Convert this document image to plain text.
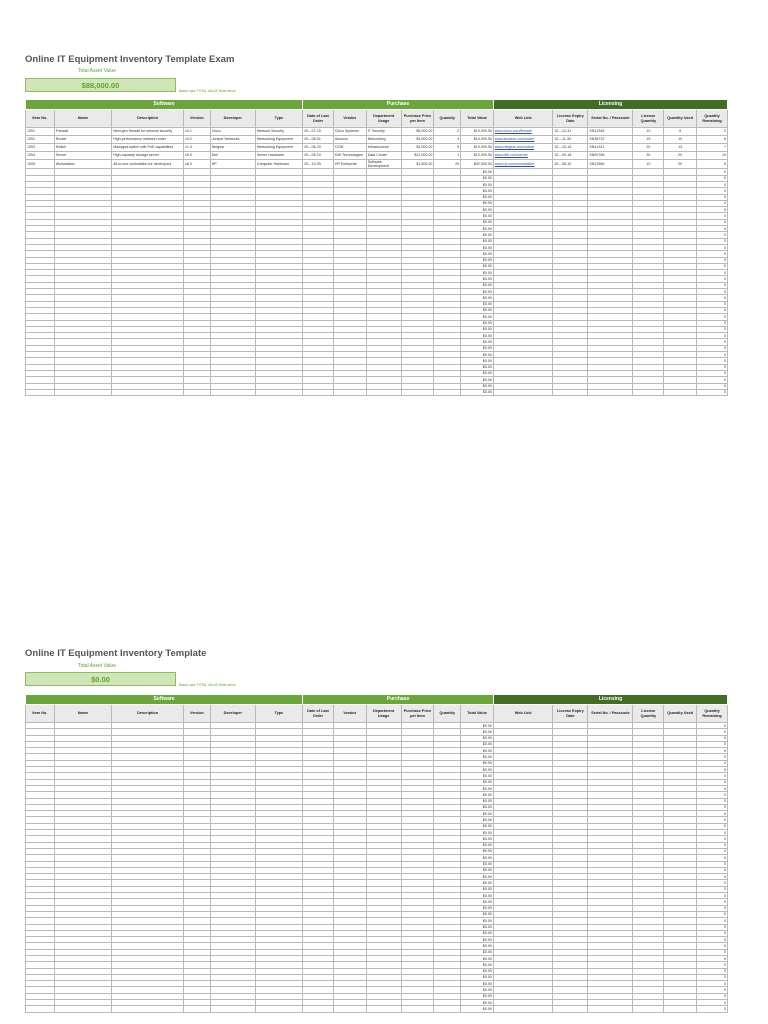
Online IT Equipment Inventory Template Exam
Total Asset Value
$88,000.00
Based upon TOTAL VALUE fields below.
Software						Purchase						Licensing					
Item No.	Name	Description	Version	Developer	Type	Date of Last Order	Vendor	Department Usage	Purchase Price per Item	Quantity	Total Value	Web Link	License Expiry Date	Serial No. / Passcode	License Quantity	Quantity Used	Quantity Remaining
1001	Firewall	Next-gen firewall for network security	v2.1	Cisco	Network Security	20---07-15	Cisco Systems	IT Security	$5,000.00	2	$10,000.00	www.cisco.com/firewall	20---12-31	SN12345	10	8	2
1002	Router	High-performance network router	v3.2	Juniper Networks	Networking Equipment	20---08-01	Amazon	Networking	$3,500.00	4	$14,000.00	www.amazon.com/router	20---11-30	SN38723	15	10	5
1003	Switch	Managed switch with PoE capabilities	v1.3	Netgear	Networking Equipment	20---06-20	CDW	Infrastructure	$2,000.00	5	$10,000.00	www.netgear.com/switch	20---10-15	SN41321	20	13	7
1004	Server	High-capacity storage server	v5.0	Dell	Server Hardware	20---05-10	Dell Technologies	Data Center	$12,000.00	1	$12,000.00	www.dell.com/server	20---09-18	SN92785	30	20	10
1005	Workstation	All-in-one workstation for developers	v8.3	HP	Computer Hardware	20---10-05	HP Enterprise	Software Development	$1,600.00	20	$32,000.00	www.hp.com/workstation	20---08-10	SN12565	10	20	5
											$0.00						0
											$0.00						0
											$0.00						0
											$0.00						0
											$0.00						0
											$0.00						0
											$0.00						0
											$0.00						0
											$0.00						0
											$0.00						0
											$0.00						0
											$0.00						0
											$0.00						0
											$0.00						0
											$0.00						0
											$0.00						0
											$0.00						0
											$0.00						0
											$0.00						0
											$0.00						0
											$0.00						0
											$0.00						0
											$0.00						0
											$0.00						0
											$0.00						0
											$0.00						0
											$0.00						0
											$0.00						0
											$0.00						0
											$0.00						0
											$0.00						0
											$0.00						0
											$0.00						0
											$0.00						0
											$0.00						0
											$0.00						0
Online IT Equipment Inventory Template
Total Asset Value
$0.00
Based upon TOTAL VALUE fields below.
Software						Purchase						Licensing					
Item No.	Name	Description	Version	Developer	Type	Date of Last Order	Vendor	Department Usage	Purchase Price per Item	Quantity	Total Value	Web Link	License Expiry Date	Serial No. / Passcode	License Quantity	Quantity Used	Quantity Remaining
											$0.00						0
											$0.00						0
											$0.00						0
											$0.00						0
											$0.00						0
											$0.00						0
											$0.00						0
											$0.00						0
											$0.00						0
											$0.00						0
											$0.00						0
											$0.00						0
											$0.00						0
											$0.00						0
											$0.00						0
											$0.00						0
											$0.00						0
											$0.00						0
											$0.00						0
											$0.00						0
											$0.00						0
											$0.00						0
											$0.00						0
											$0.00						0
											$0.00						0
											$0.00						0
											$0.00						0
											$0.00						0
											$0.00						0
											$0.00						0
											$0.00						0
											$0.00						0
											$0.00						0
											$0.00						0
											$0.00						0
											$0.00						0
											$0.00						0
											$0.00						0
											$0.00						0
											$0.00						0
											$0.00						0
											$0.00						0
											$0.00						0
											$0.00						0
											$0.00						0
											$0.00						0
